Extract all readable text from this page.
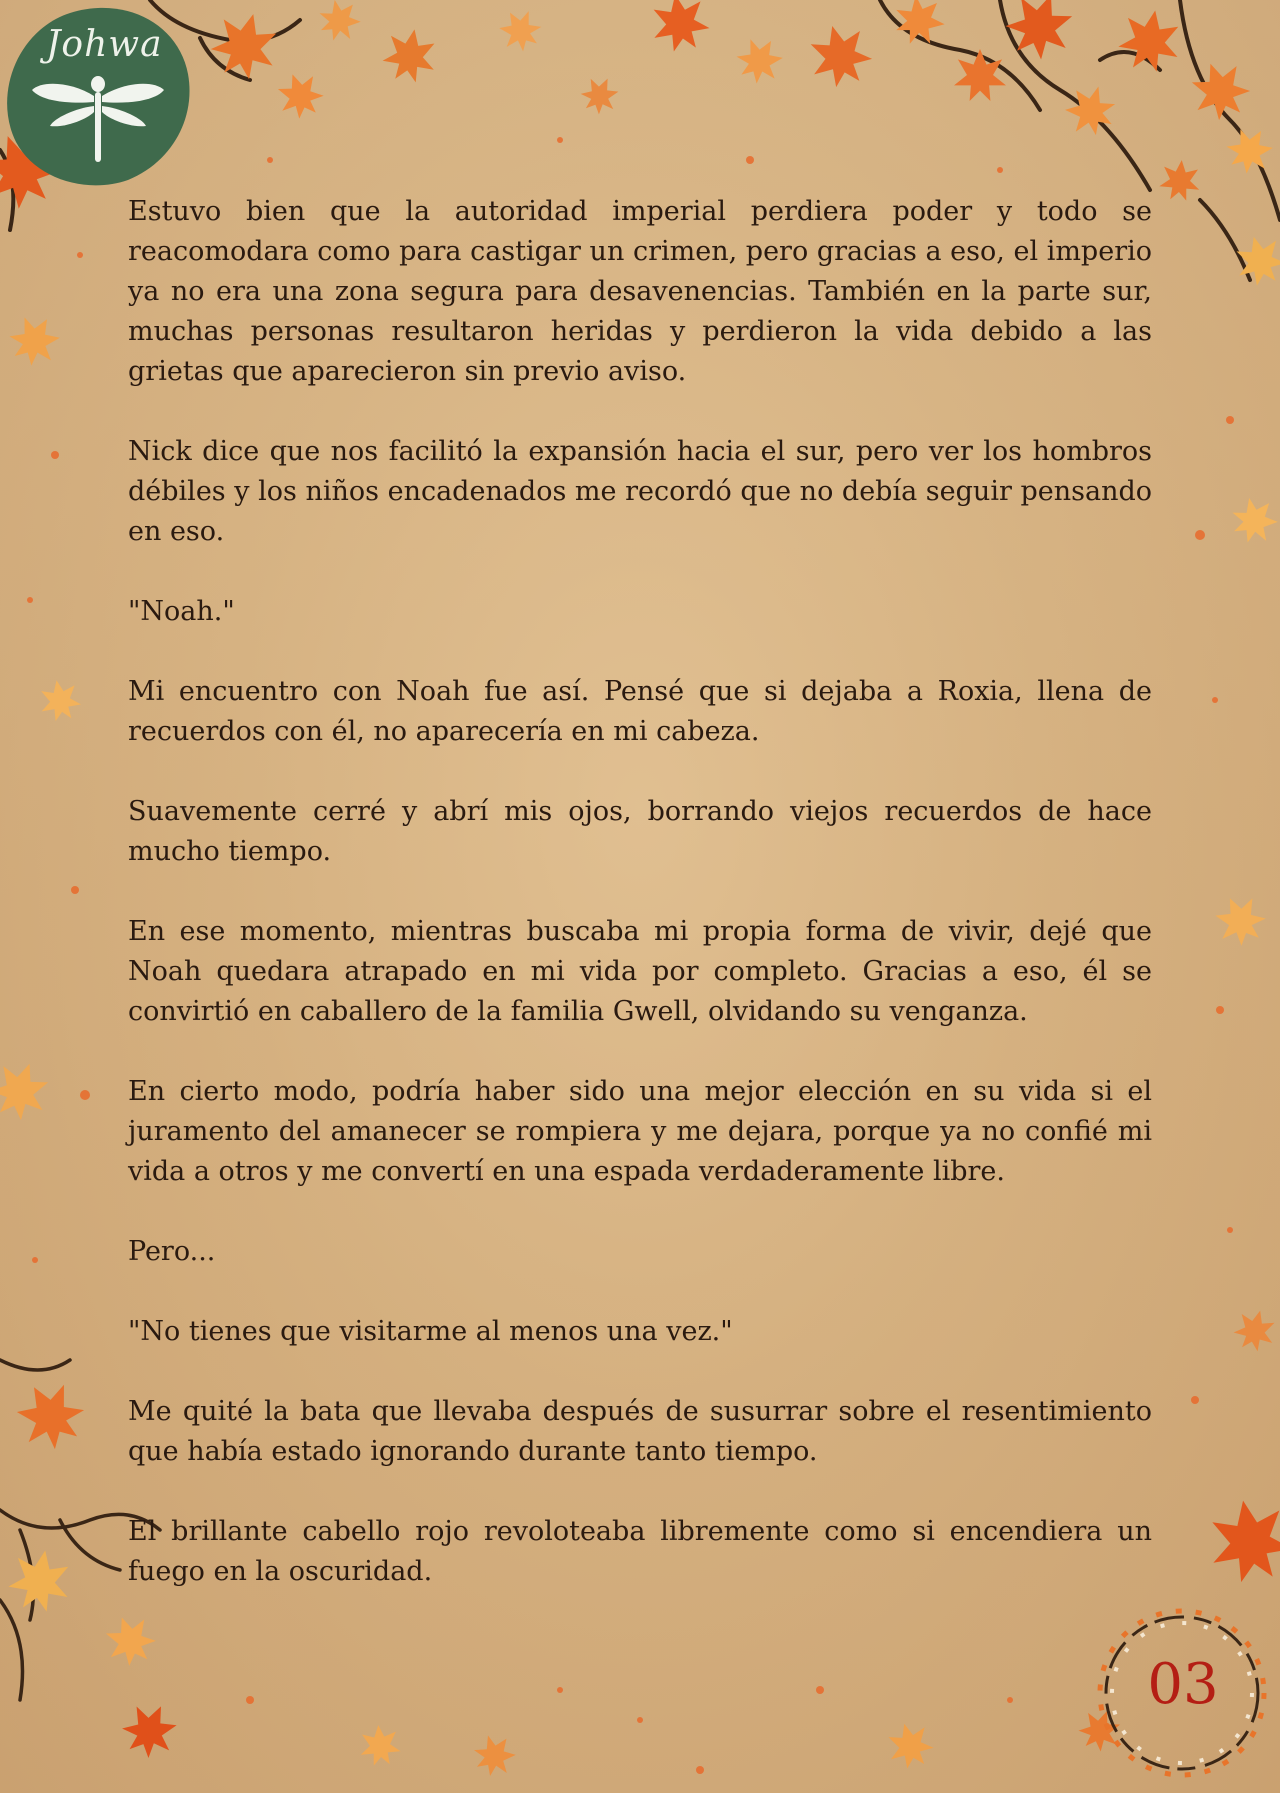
Johwa

Estuvo bien que la autoridad imperial perdiera poder y todo se reacomodara como para castigar un crimen, pero gracias a eso, el imperio ya no era una zona segura para desavenencias. También en la parte sur, muchas personas resultaron heridas y perdieron la vida debido a las grietas que aparecieron sin previo aviso.

Nick dice que nos facilitó la expansión hacia el sur, pero ver los hombros débiles y los niños encadenados me recordó que no debía seguir pensando en eso.

"Noah."

Mi encuentro con Noah fue así. Pensé que si dejaba a Roxia, llena de recuerdos con él, no aparecería en mi cabeza.

Suavemente cerré y abrí mis ojos, borrando viejos recuerdos de hace mucho tiempo.

En ese momento, mientras buscaba mi propia forma de vivir, dejé que Noah quedara atrapado en mi vida por completo. Gracias a eso, él se convirtió en caballero de la familia Gwell, olvidando su venganza.

En cierto modo, podría haber sido una mejor elección en su vida si el juramento del amanecer se rompiera y me dejara, porque ya no confié mi vida a otros y me convertí en una espada verdaderamente libre.

Pero...

"No tienes que visitarme al menos una vez."

Me quité la bata que llevaba después de susurrar sobre el resentimiento que había estado ignorando durante tanto tiempo.

El brillante cabello rojo revoloteaba libremente como si encendiera un fuego en la oscuridad.

03
